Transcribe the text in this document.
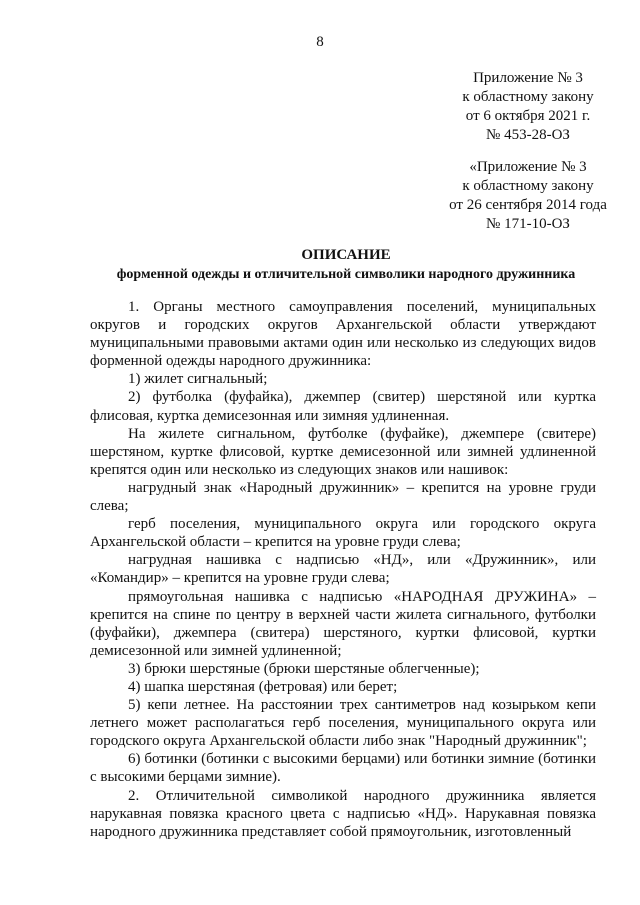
8
Приложение № 3
к областному закону
от 6 октября 2021 г.
№ 453-28-ОЗ
«Приложение № 3
к областному закону
от 26 сентября 2014 года
№ 171-10-ОЗ
ОПИСАНИЕ
форменной одежды и отличительной символики народного дружинника

1. Органы местного самоуправления поселений, муниципальных округов и городских округов Архангельской области утверждают муниципальными правовыми актами один или несколько из следующих видов форменной одежды народного дружинника:

1) жилет сигнальный;

2) футболка (фуфайка), джемпер (свитер) шерстяной или куртка флисовая, куртка демисезонная или зимняя удлиненная.

На жилете сигнальном, футболке (фуфайке), джемпере (свитере) шерстяном, куртке флисовой, куртке демисезонной или зимней удлиненной крепятся один или несколько из следующих знаков или нашивок:

нагрудный знак «Народный дружинник» – крепится на уровне груди слева;

герб поселения, муниципального округа или городского округа Архангельской области – крепится на уровне груди слева;

нагрудная нашивка с надписью «НД», или «Дружинник», или «Командир» – крепится на уровне груди слева;

прямоугольная нашивка с надписью «НАРОДНАЯ ДРУЖИНА» – крепится на спине по центру в верхней части жилета сигнального, футболки (фуфайки), джемпера (свитера) шерстяного, куртки флисовой, куртки демисезонной или зимней удлиненной;

3) брюки шерстяные (брюки шерстяные облегченные);

4) шапка шерстяная (фетровая) или берет;

5) кепи летнее. На расстоянии трех сантиметров над козырьком кепи летнего может располагаться герб поселения, муниципального округа или городского округа Архангельской области либо знак "Народный дружинник";

6) ботинки (ботинки с высокими берцами) или ботинки зимние (ботинки с высокими берцами зимние).

2. Отличительной символикой народного дружинника является нарукавная повязка красного цвета с надписью «НД». Нарукавная повязка народного дружинника представляет собой прямоугольник, изготовленный
